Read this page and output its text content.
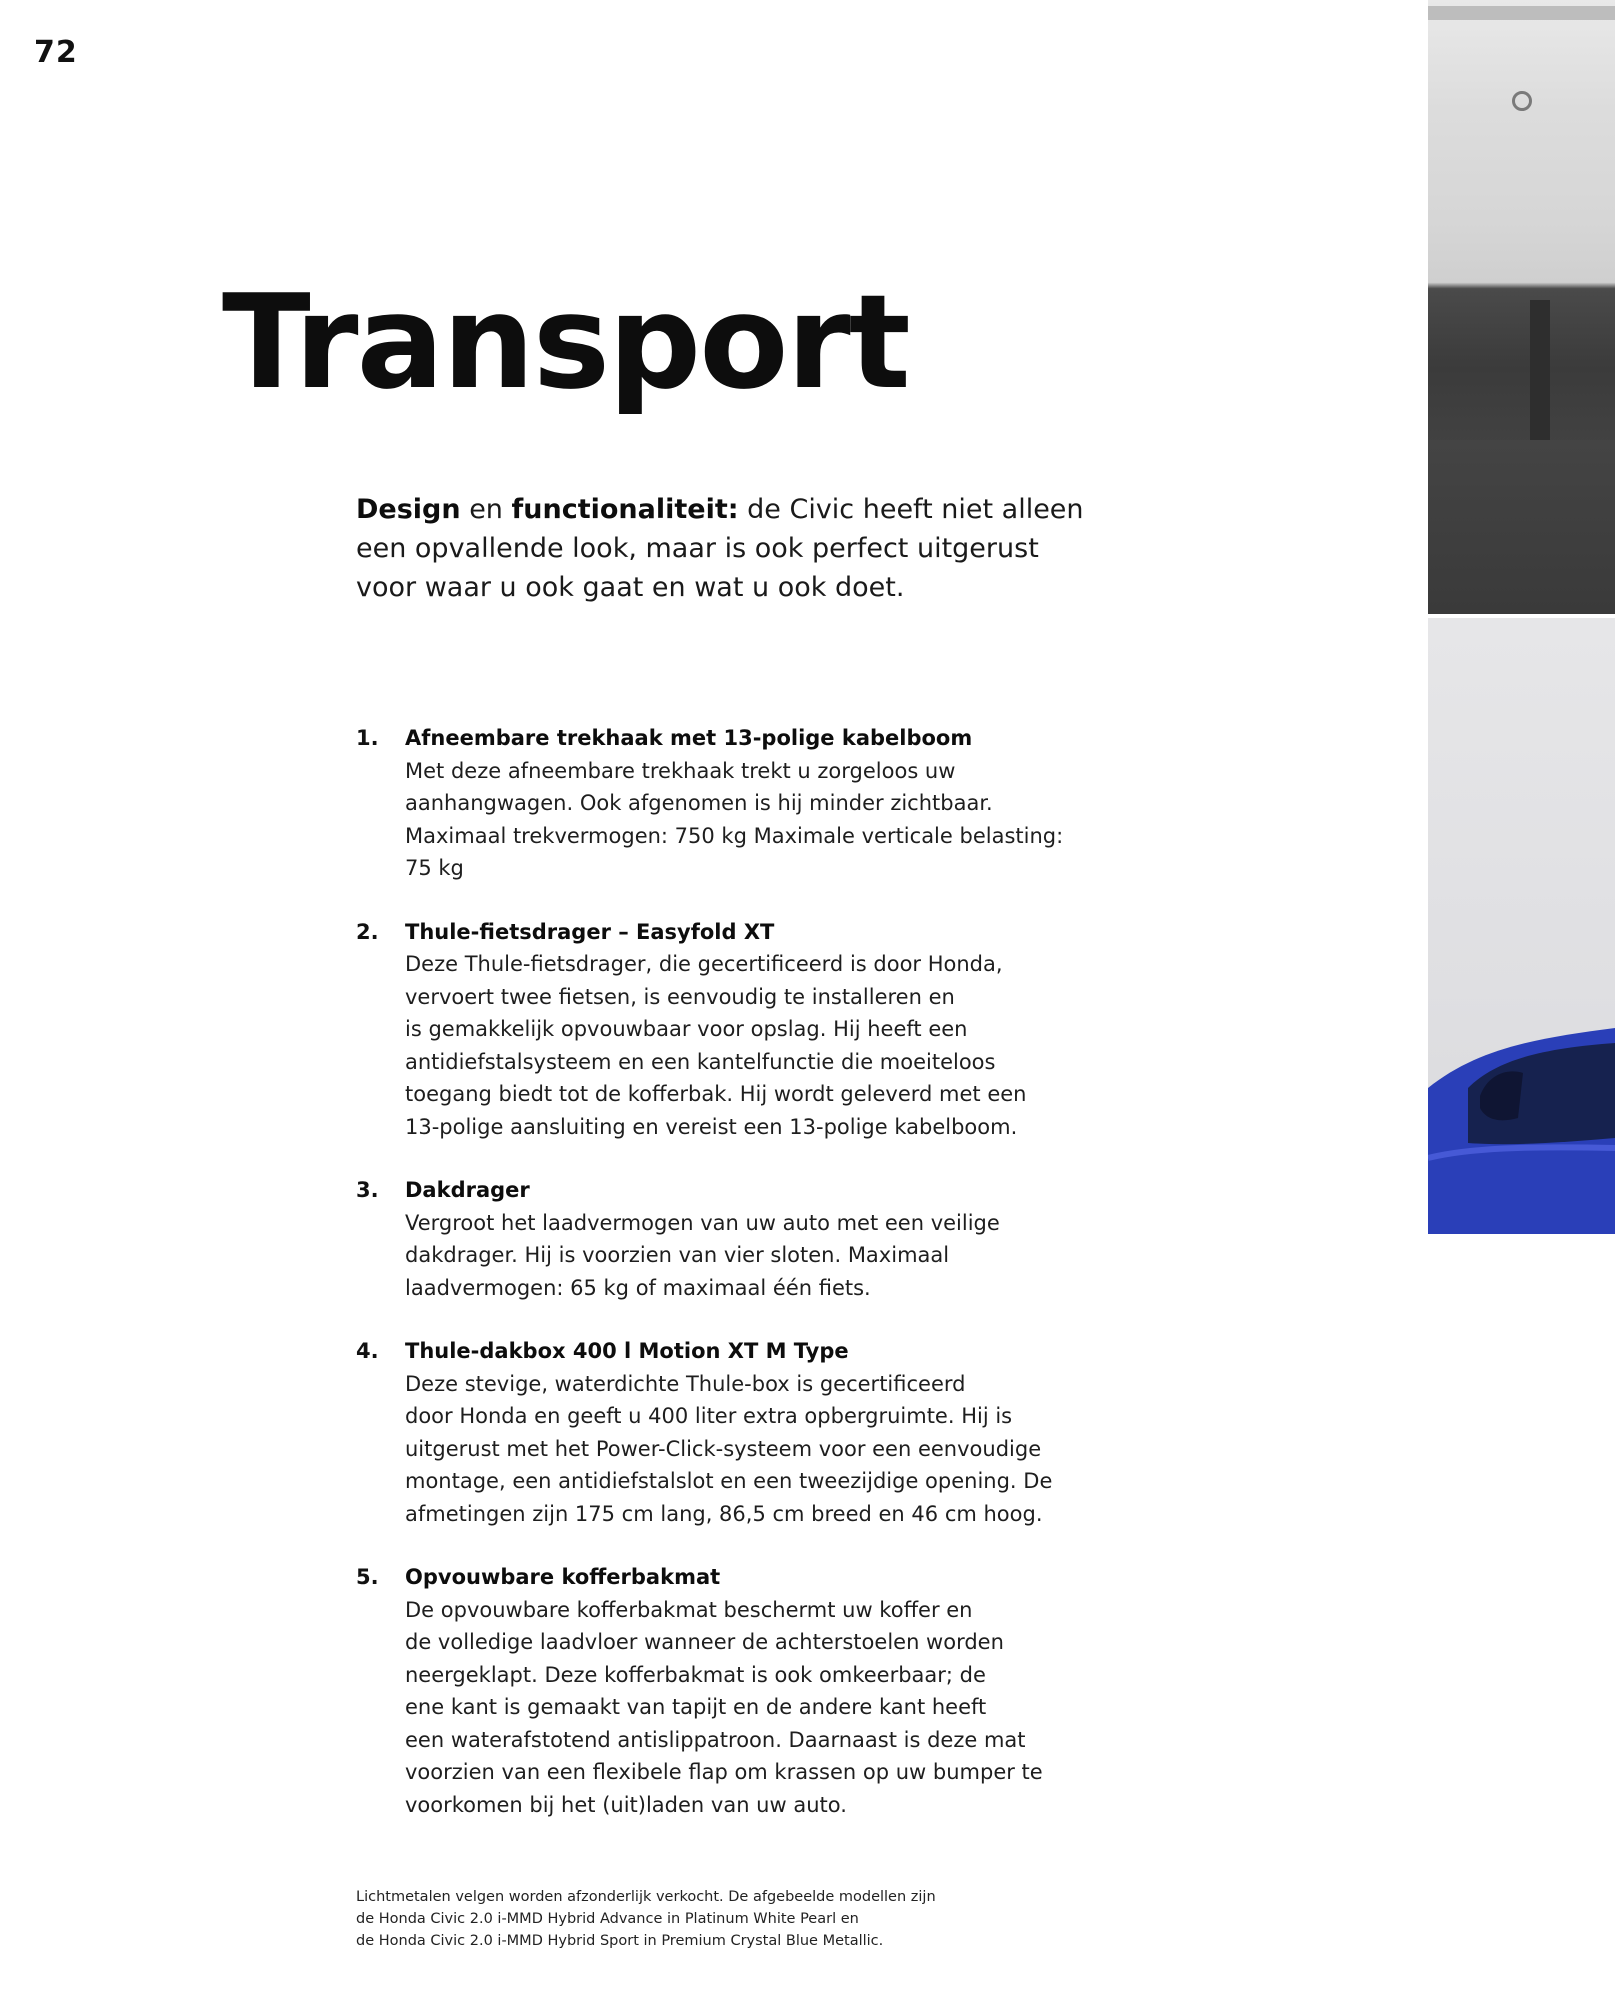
72
Transport

Design en functionaliteit: de Civic heeft niet alleen
een opvallende look, maar is ook perfect uitgerust
voor waar u ook gaat en wat u ook doet.

1. Afneembare trekhaak met 13-polige kabelboom
Met deze afneembare trekhaak trekt u zorgeloos uw
aanhangwagen. Ook afgenomen is hij minder zichtbaar.
Maximaal trekvermogen: 750 kg Maximale verticale belasting:
75 kg
2. Thule-fietsdrager – Easyfold XT
Deze Thule-fietsdrager, die gecertificeerd is door Honda,
vervoert twee fietsen, is eenvoudig te installeren en
is gemakkelijk opvouwbaar voor opslag. Hij heeft een
antidiefstalsysteem en een kantelfunctie die moeiteloos
toegang biedt tot de kofferbak. Hij wordt geleverd met een
13-polige aansluiting en vereist een 13-polige kabelboom.
3. Dakdrager
Vergroot het laadvermogen van uw auto met een veilige
dakdrager. Hij is voorzien van vier sloten. Maximaal
laadvermogen: 65 kg of maximaal één fiets.
4. Thule-dakbox 400 l Motion XT M Type
Deze stevige, waterdichte Thule-box is gecertificeerd
door Honda en geeft u 400 liter extra opbergruimte. Hij is
uitgerust met het Power-Click-systeem voor een eenvoudige
montage, een antidiefstalslot en een tweezijdige opening. De
afmetingen zijn 175 cm lang, 86,5 cm breed en 46 cm hoog.
5. Opvouwbare kofferbakmat
De opvouwbare kofferbakmat beschermt uw koffer en
de volledige laadvloer wanneer de achterstoelen worden
neergeklapt. Deze kofferbakmat is ook omkeerbaar; de
ene kant is gemaakt van tapijt en de andere kant heeft
een waterafstotend antislippatroon. Daarnaast is deze mat
voorzien van een flexibele flap om krassen op uw bumper te
voorkomen bij het (uit)laden van uw auto.

Lichtmetalen velgen worden afzonderlijk verkocht. De afgebeelde modellen zijn
de Honda Civic 2.0 i-MMD Hybrid Advance in Platinum White Pearl en
de Honda Civic 2.0 i-MMD Hybrid Sport in Premium Crystal Blue Metallic.
